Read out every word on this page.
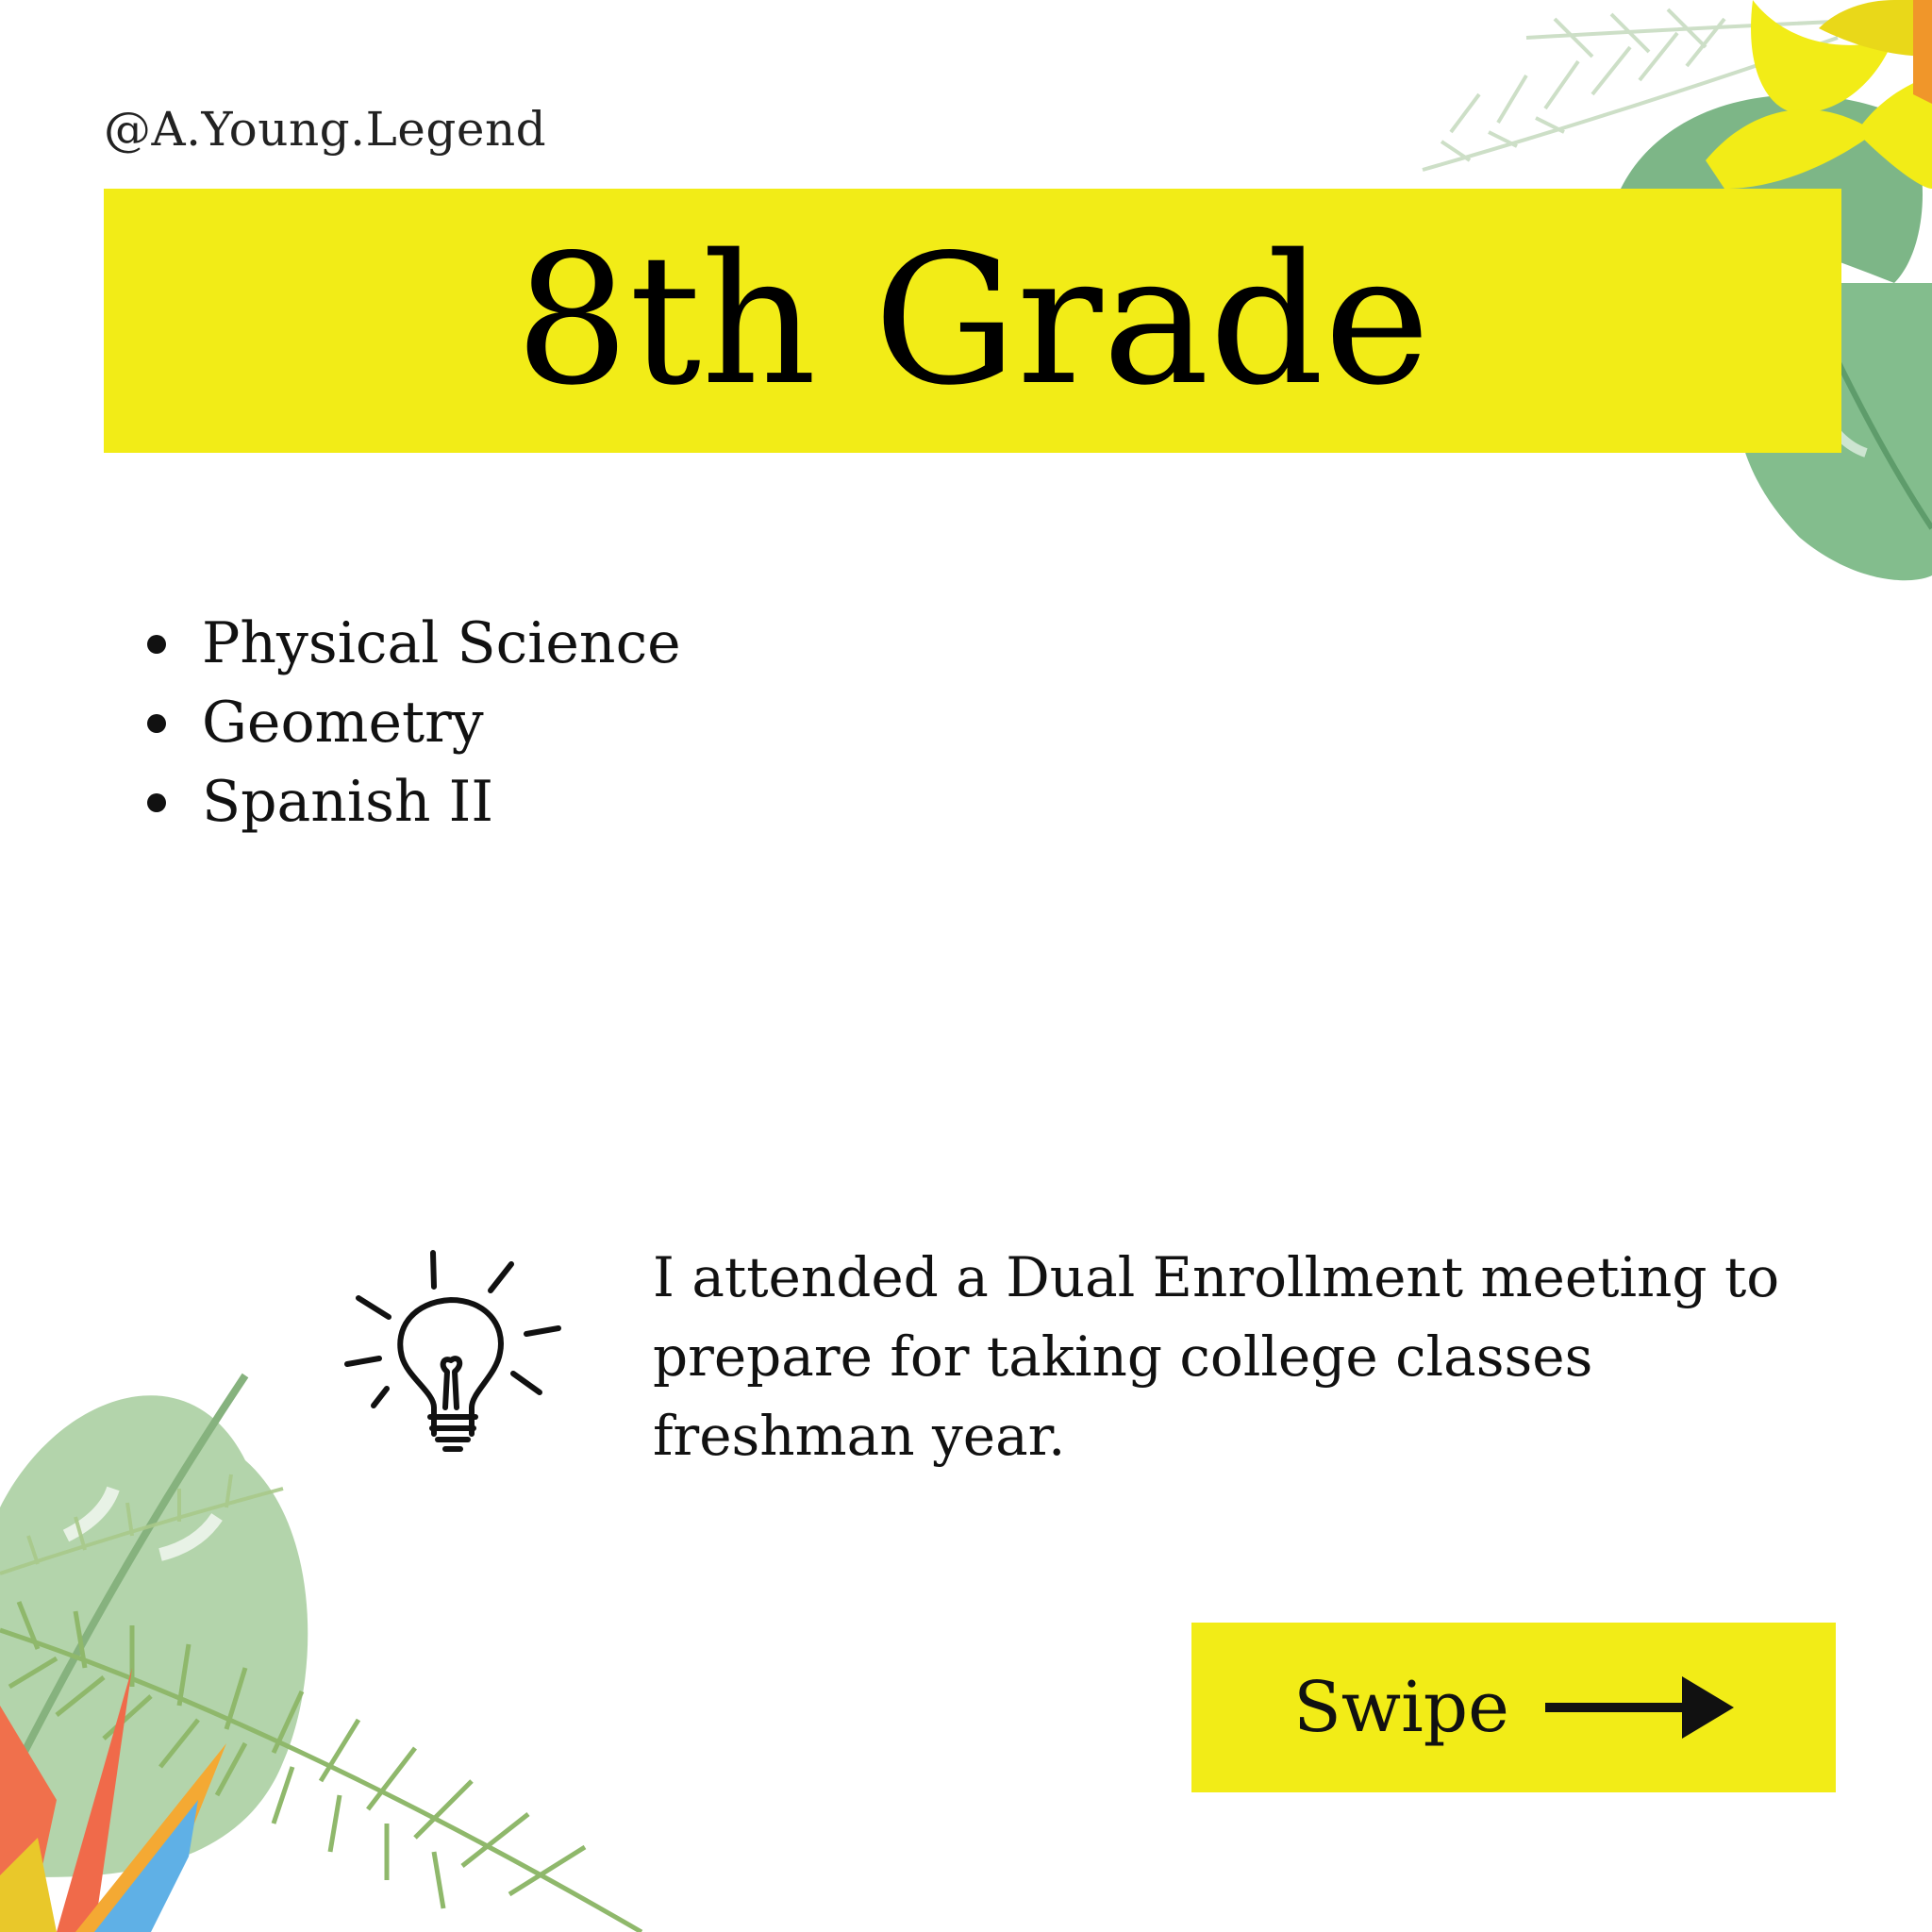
@A.Young.Legend
8th Grade
Physical Science
Geometry
Spanish II

I attended a Dual Enrollment meeting to prepare for taking college classes freshman year.

Swipe
